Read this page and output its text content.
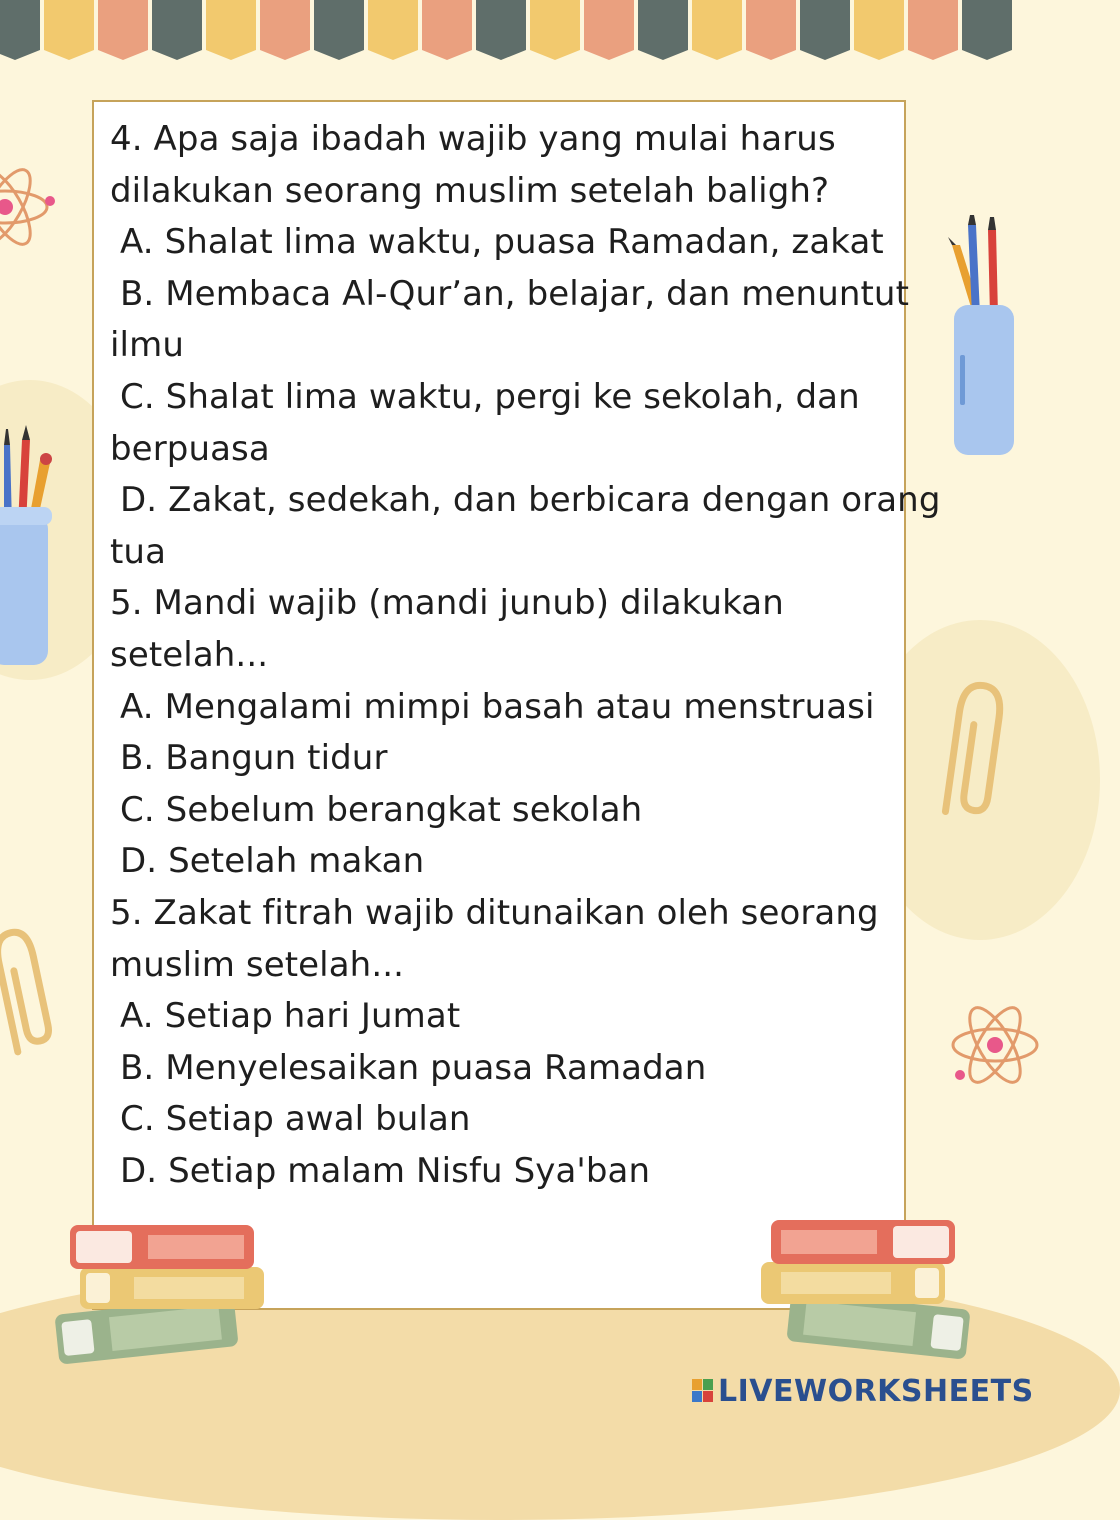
4. Apa saja ibadah wajib yang mulai harus
dilakukan seorang muslim setelah baligh?
A. Shalat lima waktu, puasa Ramadan, zakat
B. Membaca Al-Qur’an, belajar, dan menuntut
ilmu
C. Shalat lima waktu, pergi ke sekolah, dan
berpuasa
D. Zakat, sedekah, dan berbicara dengan orang
tua
5. Mandi wajib (mandi junub) dilakukan
setelah...
A. Mengalami mimpi basah atau menstruasi
B. Bangun tidur
C. Sebelum berangkat sekolah
D. Setelah makan
5. Zakat fitrah wajib ditunaikan oleh seorang
muslim setelah...
A. Setiap hari Jumat
B. Menyelesaikan puasa Ramadan
C. Setiap awal bulan
D. Setiap malam Nisfu Sya'ban
LIVEWORKSHEETS
